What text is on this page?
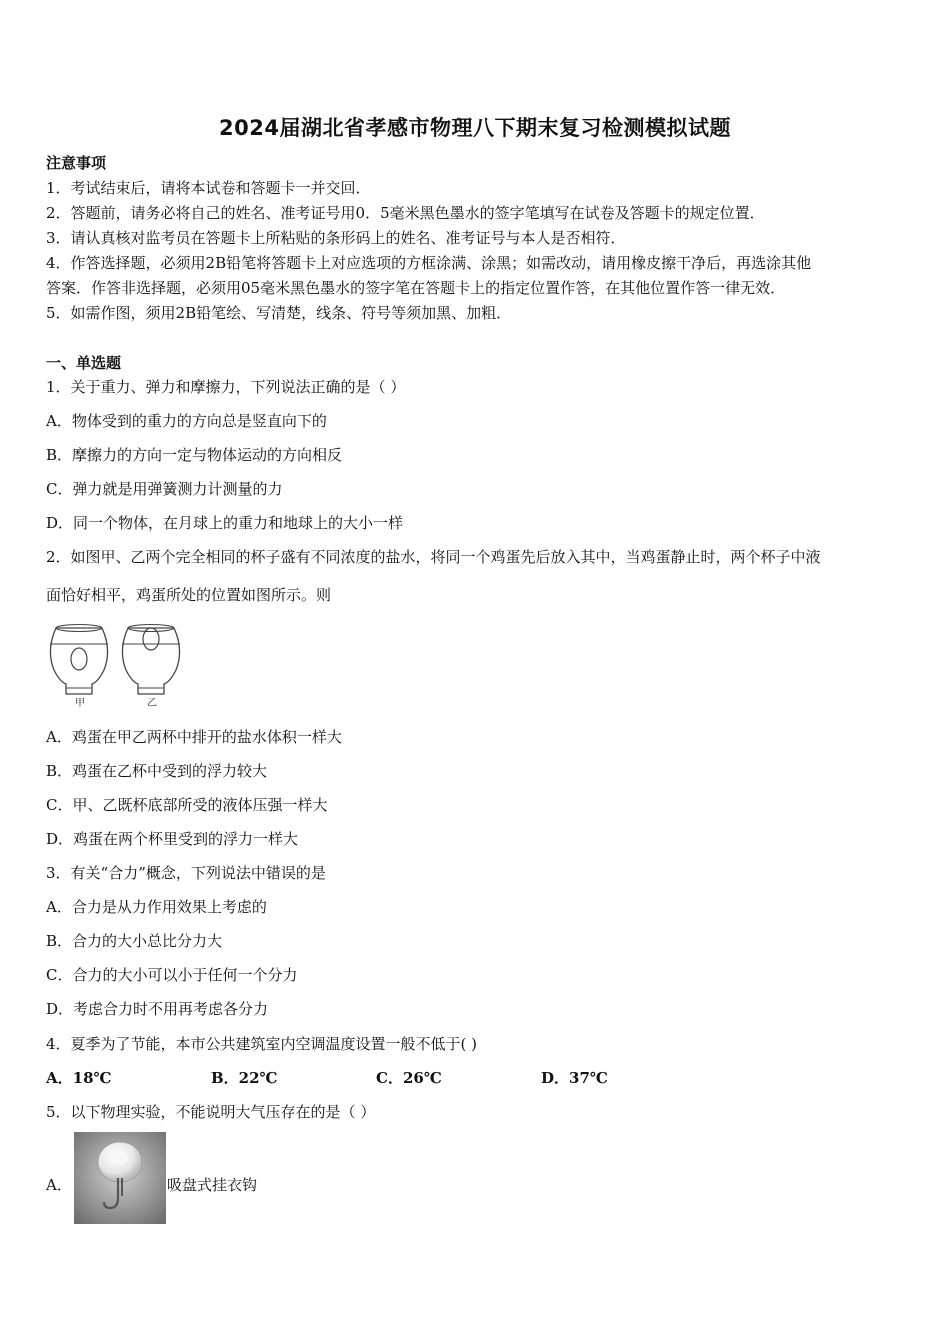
2024届湖北省孝感市物理八下期末复习检测模拟试题
注意事项
1．考试结束后，请将本试卷和答题卡一并交回．
2．答题前，请务必将自己的姓名、准考证号用0．5毫米黑色墨水的签字笔填写在试卷及答题卡的规定位置．
3．请认真核对监考员在答题卡上所粘贴的条形码上的姓名、准考证号与本人是否相符．
4．作答选择题，必须用2B铅笔将答题卡上对应选项的方框涂满、涂黑；如需改动，请用橡皮擦干净后，再选涂其他
答案．作答非选择题，必须用05毫米黑色墨水的签字笔在答题卡上的指定位置作答，在其他位置作答一律无效．
5．如需作图，须用2B铅笔绘、写清楚，线条、符号等须加黑、加粗．
一、单选题
1．关于重力、弹力和摩擦力，下列说法正确的是（ ）
A．物体受到的重力的方向总是竖直向下的
B．摩擦力的方向一定与物体运动的方向相反
C．弹力就是用弹簧测力计测量的力
D．同一个物体，在月球上的重力和地球上的大小一样
2．如图甲、乙两个完全相同的杯子盛有不同浓度的盐水，将同一个鸡蛋先后放入其中，当鸡蛋静止时，两个杯子中液
面恰好相平，鸡蛋所处的位置如图所示。则
甲	乙
A．鸡蛋在甲乙两杯中排开的盐水体积一样大
B．鸡蛋在乙杯中受到的浮力较大
C．甲、乙既杯底部所受的液体压强一样大
D．鸡蛋在两个杯里受到的浮力一样大
3．有关“合力”概念，下列说法中错误的是
A．合力是从力作用效果上考虑的
B．合力的大小总比分力大
C．合力的大小可以小于任何一个分力
D．考虑合力时不用再考虑各分力
4．夏季为了节能，本市公共建筑室内空调温度设置一般不低于( )
A．18℃	B．22℃	C．26℃	D．37℃
5．以下物理实验，不能说明大气压存在的是（ ）
A．	吸盘式挂衣钩
